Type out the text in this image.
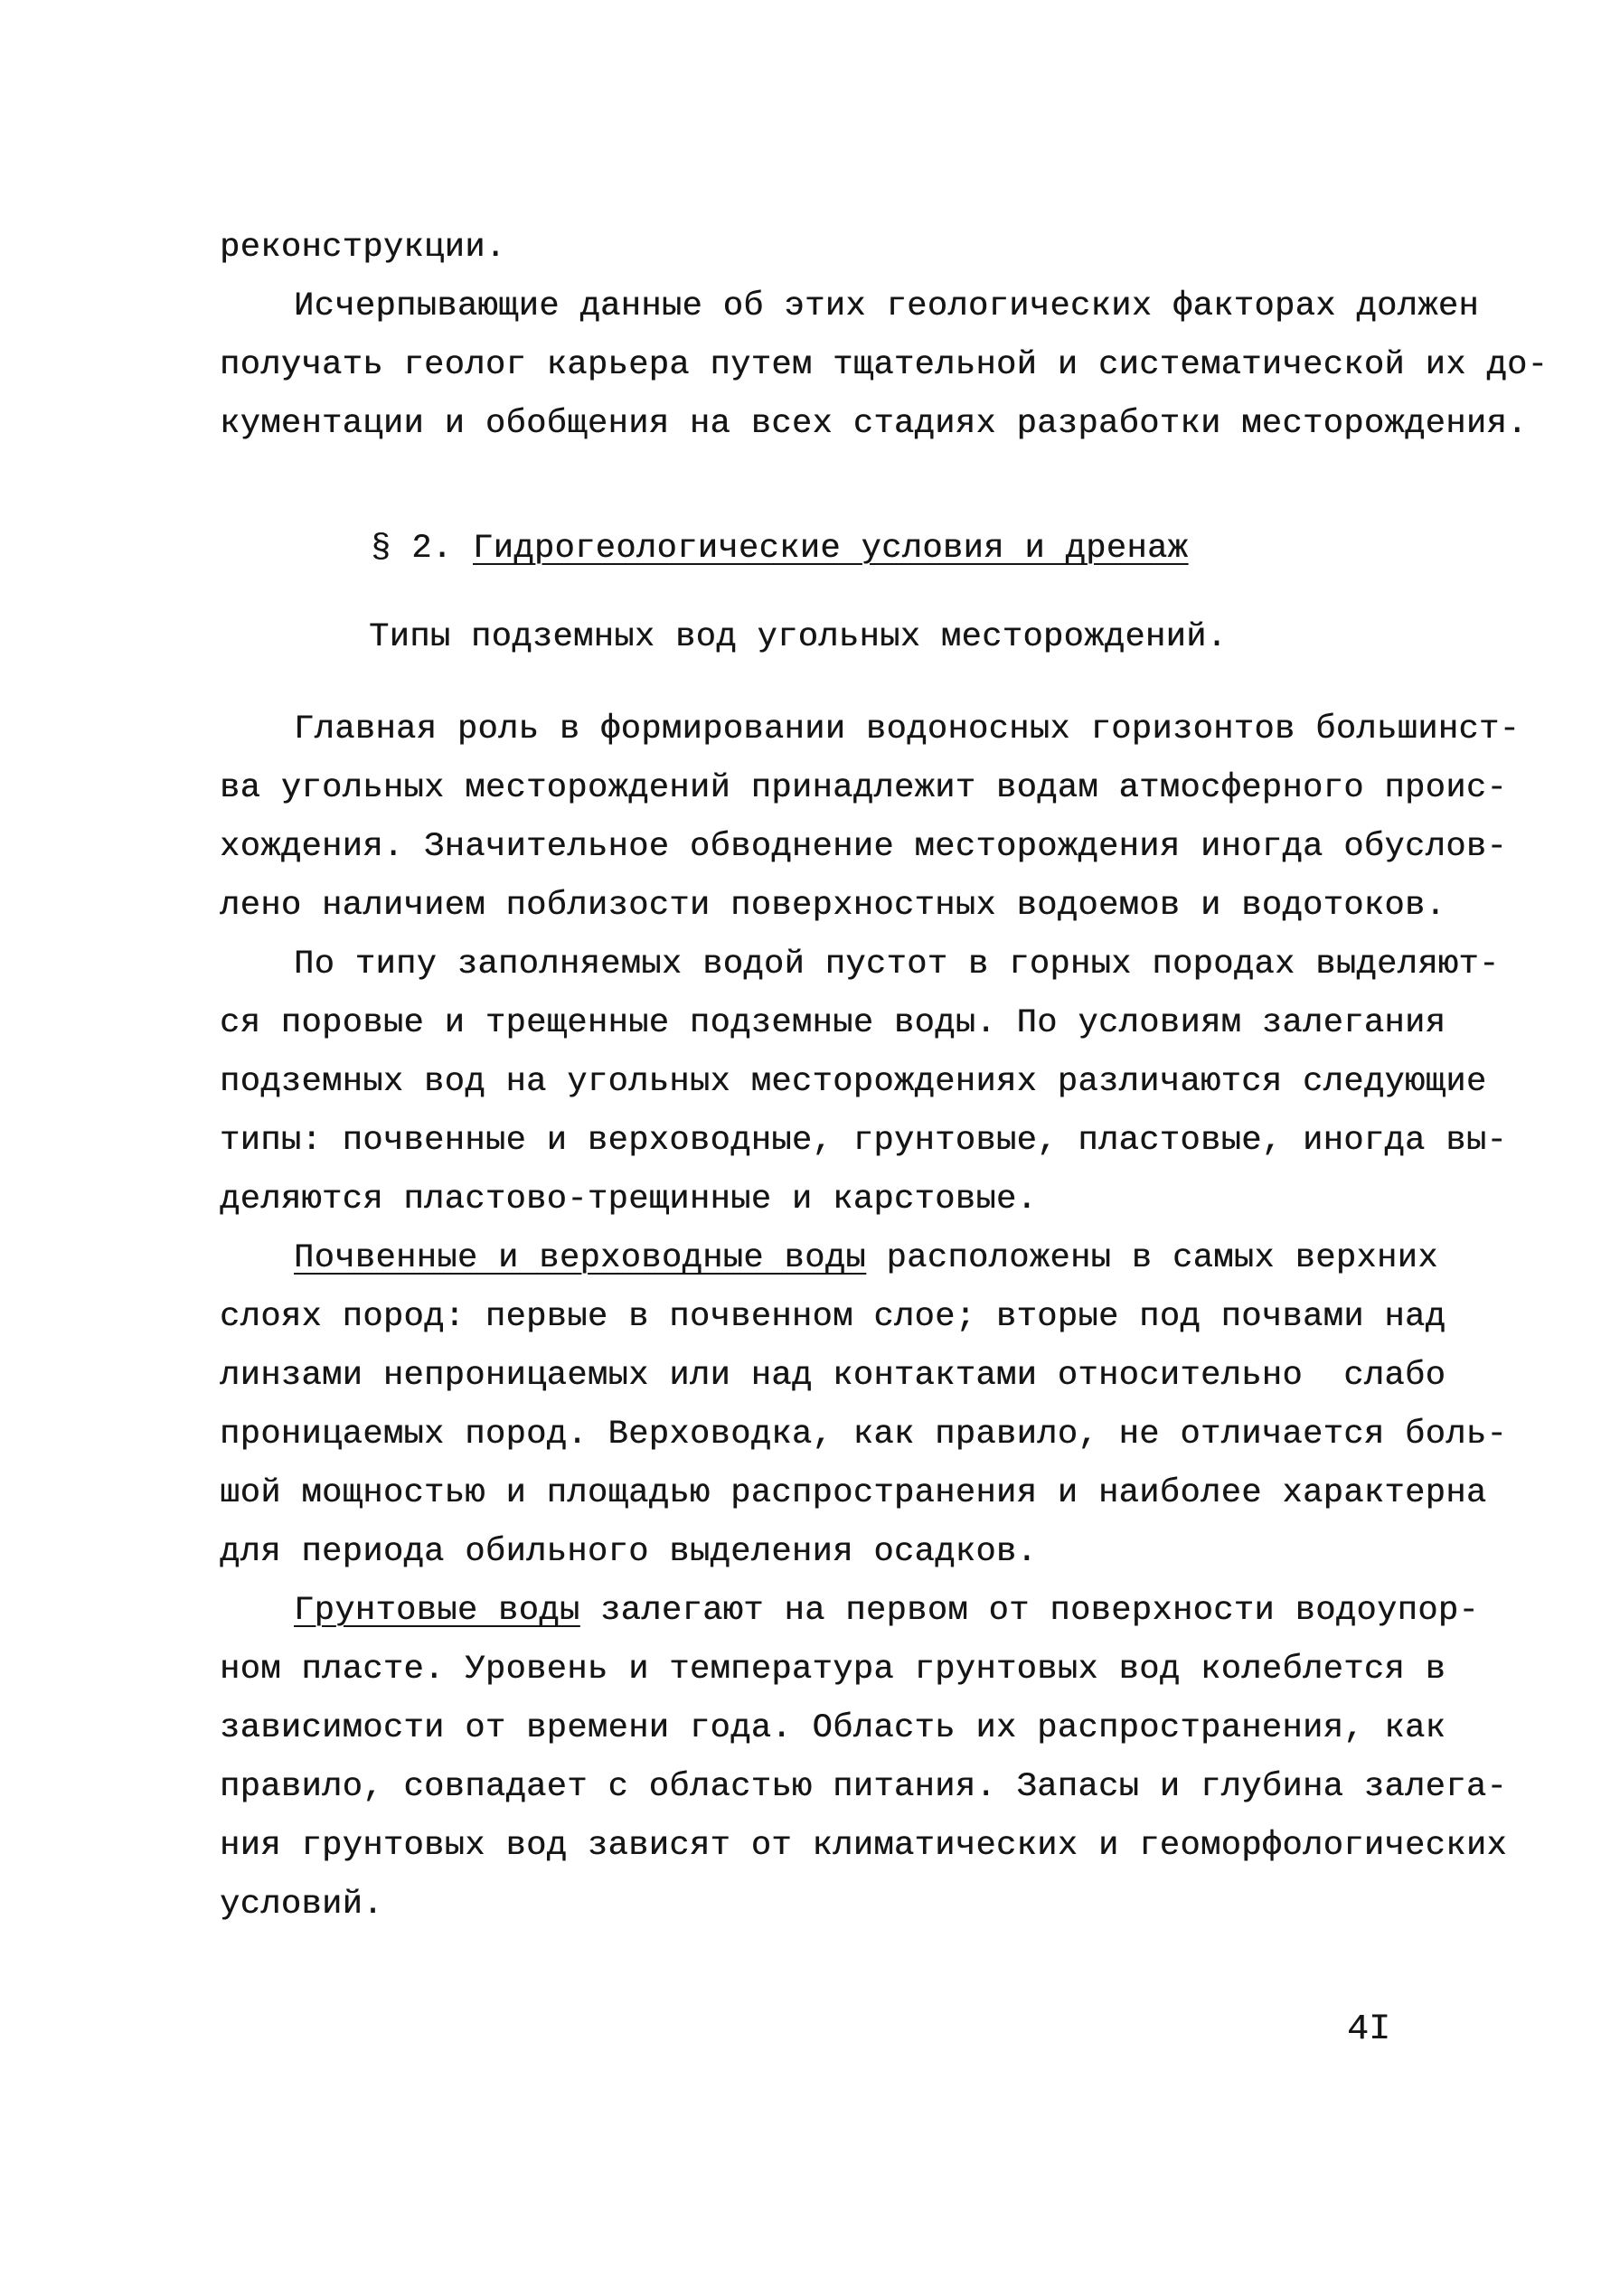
реконструкции.
Исчерпывающие данные об этих геологических факторах должен
получать геолог карьера путем тщательной и систематической их до-
кументации и обобщения на всех стадиях разработки месторождения.
§ 2. Гидрогеологические условия и дренаж
Типы подземных вод угольных месторождений.
Главная роль в формировании водоносных горизонтов большинст-
ва угольных месторождений принадлежит водам атмосферного проис-
хождения. Значительное обводнение месторождения иногда обуслов-
лено наличием поблизости поверхностных водоемов и водотоков.
По типу заполняемых водой пустот в горных породах выделяют-
ся поровые и трещенные подземные воды. По условиям залегания
подземных вод на угольных месторождениях различаются следующие
типы: почвенные и верховодные, грунтовые, пластовые, иногда вы-
деляются пластово-трещинные и карстовые.
Почвенные и верховодные воды расположены в самых верхних
слоях пород: первые в почвенном слое; вторые под почвами над
линзами непроницаемых или над контактами относительно  слабо
проницаемых пород. Верховодка, как правило, не отличается боль-
шой мощностью и площадью распространения и наиболее характерна
для периода обильного выделения осадков.
Грунтовые воды залегают на первом от поверхности водоупор-
ном пласте. Уровень и температура грунтовых вод колеблется в
зависимости от времени года. Область их распространения, как
правило, совпадает с областью питания. Запасы и глубина залега-
ния грунтовых вод зависят от климатических и геоморфологических
условий.
4I
